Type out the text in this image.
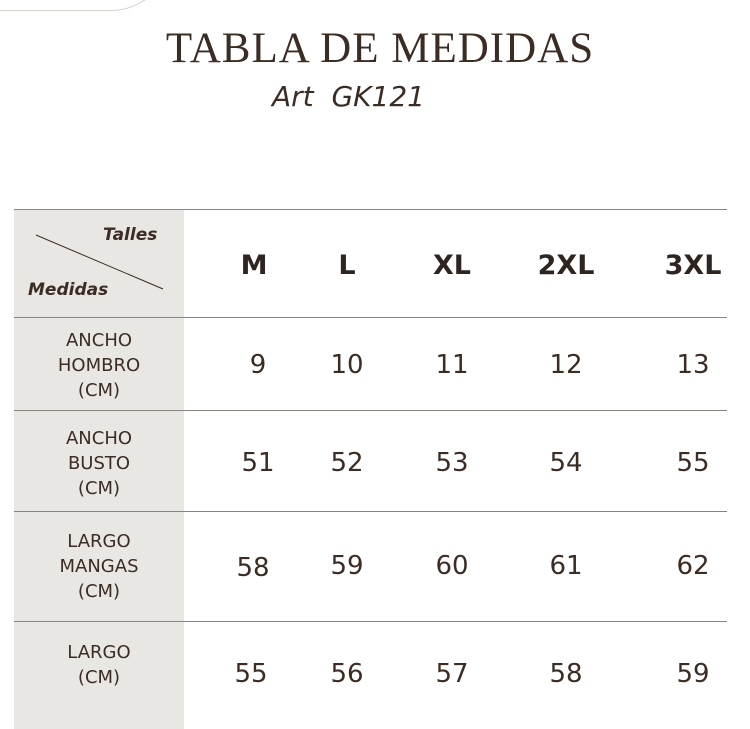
TABLA DE MEDIDAS
Art  GK121
Talles
Medidas
M	L	XL	2XL	3XL
ANCHO
HOMBRO
(CM)
9	10	11	12	13
ANCHO
BUSTO
(CM)
51	52	53	54	55
LARGO
MANGAS
(CM)
58	59	60	61	62
LARGO
(CM)	55	56	57	58	59
